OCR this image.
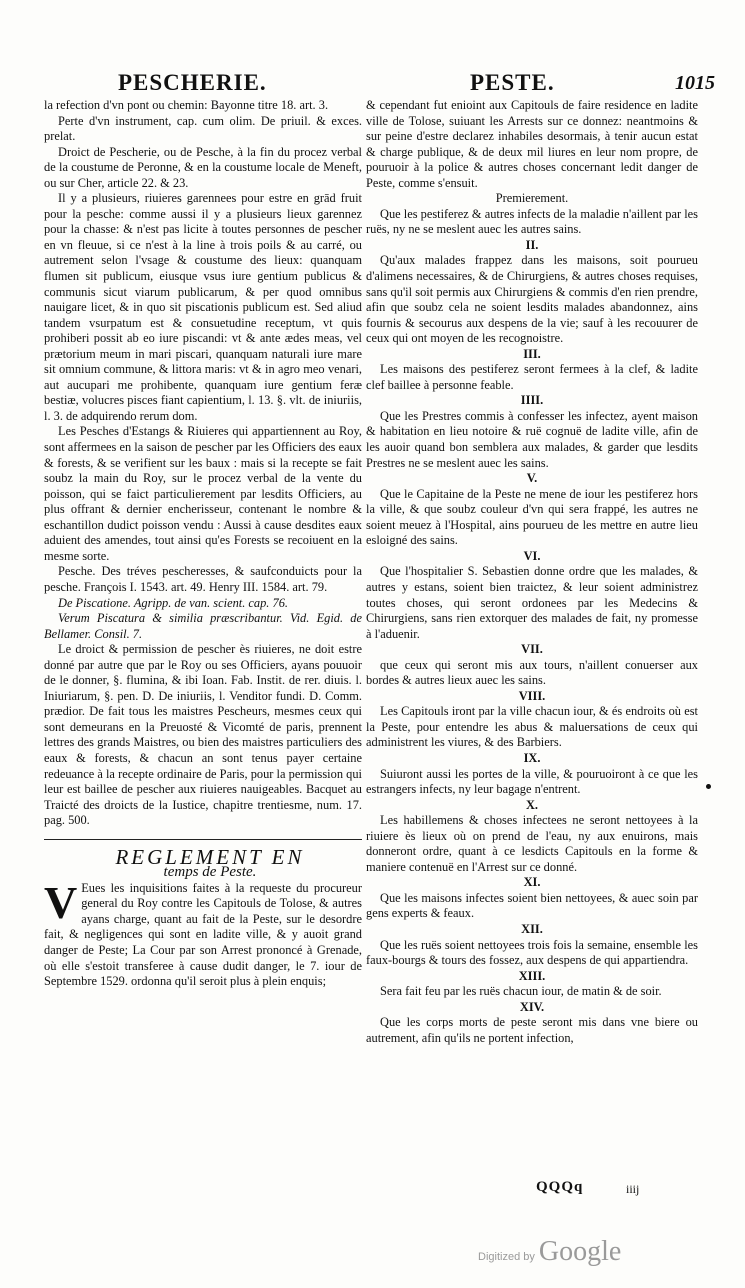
PESCHERIE.	PESTE.	1015

la refection d'vn pont ou chemin: Bayonne titre 18. art. 3.

Perte d'vn instrument, cap. cum olim. De priuil. & exces. prelat.

Droict de Pescherie, ou de Pesche, à la fin du procez verbal de la coustume de Peronne, & en la coustume locale de Meneft, ou sur Cher, article 22. & 23.

Il y a plusieurs, riuieres garennees pour estre en grād fruit pour la pesche: comme aussi il y a plusieurs lieux garennez pour la chasse: & n'est pas licite à toutes personnes de pescher en vn fleuue, si ce n'est à la line à trois poils & au carré, ou autrement selon l'vsage & coustume des lieux: quanquam flumen sit publicum, eiusque vsus iure gentium publicus & communis sicut viarum publicarum, & per quod omnibus nauigare licet, & in quo sit piscationis publicum est. Sed aliud tandem vsurpatum est & consuetudine receptum, vt quis prohiberi possit ab eo iure piscandi: vt & ante ædes meas, vel prætorium meum in mari piscari, quanquam naturali iure mare sit omnium commune, & littora maris: vt & in agro meo venari, aut aucupari me prohibente, quanquam iure gentium feræ bestiæ, volucres pisces fiant capientium, l. 13. §. vlt. de iniuriis, l. 3. de adquirendo rerum dom.

Les Pesches d'Estangs & Riuieres qui appartiennent au Roy, sont affermees en la saison de pescher par les Officiers des eaux & forests, & se verifient sur les baux : mais si la recepte se fait soubz la main du Roy, sur le procez verbal de la vente du poisson, qui se faict particulierement par lesdits Officiers, au plus offrant & dernier encherisseur, contenant le nombre & eschantillon dudict poisson vendu : Aussi à cause desdites eaux aduient des amendes, tout ainsi qu'es Forests se recoiuent en la mesme sorte.

Pesche. Des tréves pescheresses, & saufconduicts pour la pesche. François I. 1543. art. 49. Henry III. 1584. art. 79.

De Piscatione. Agripp. de van. scient. cap. 76.

Verum Piscatura & similia præscribantur. Vid. Egid. de Bellamer. Consil. 7.

Le droict & permission de pescher ès riuieres, ne doit estre donné par autre que par le Roy ou ses Officiers, ayans pouuoir de le donner, §. flumina, & ibi Ioan. Fab. Instit. de rer. diuis. l. Iniuriarum, §. pen. D. De iniuriis, l. Venditor fundi. D. Comm. prædior. De fait tous les maistres Pescheurs, mesmes ceux qui sont demeurans en la Preuosté & Vicomté de paris, prennent lettres des grands Maistres, ou bien des maistres particuliers des eaux & forests, & chacun an sont tenus payer certaine redeuance à la recepte ordinaire de Paris, pour la permission qui leur est baillee de pescher aux riuieres nauigeables. Bacquet au Traicté des droicts de la Iustice, chapitre trentiesme, num. 17. pag. 500.

REGLEMENT EN

temps de Peste.

V Eues les inquisitions faites à la requeste du procureur general du Roy contre les Capitouls de Tolose, & autres ayans charge, quant au fait de la Peste, sur le desordre fait, & negligences qui sont en ladite ville, & y auoit grand danger de Peste; La Cour par son Arrest prononcé à Grenade, où elle s'estoit transferee à cause dudit danger, le 7. iour de Septembre 1529. ordonna qu'il seroit plus à plein enquis;

& cependant fut enioint aux Capitouls de faire residence en ladite ville de Tolose, suiuant les Arrests sur ce donnez: neantmoins & sur peine d'estre declarez inhabiles desormais, à tenir aucun estat & charge publique, & de deux mil liures en leur nom propre, de pouruoir à la police & autres choses concernant ledit danger de Peste, comme s'ensuit.

Premierement.

Que les pestiferez & autres infects de la maladie n'aillent par les ruës, ny ne se meslent auec les autres sains.

II.

Qu'aux malades frappez dans les maisons, soit pourueu d'alimens necessaires, & de Chirurgiens, & autres choses requises, sans qu'il soit permis aux Chirurgiens & commis d'en rien prendre, afin que soubz cela ne soient lesdits malades abandonnez, ains fournis & secourus aux despens de la vie; sauf à les recouurer de ceux qui ont moyen de les recognoistre.

III.

Les maisons des pestiferez seront fermees à la clef, & ladite clef baillee à personne feable.

IIII.

Que les Prestres commis à confesser les infectez, ayent maison & habitation en lieu notoire & ruë cognuë de ladite ville, afin de les auoir quand bon semblera aux malades, & garder que lesdits Prestres ne se meslent auec les sains.

V.

Que le Capitaine de la Peste ne mene de iour les pestiferez hors la ville, & que soubz couleur d'vn qui sera frappé, les autres ne soient meuez à l'Hospital, ains pourueu de les mettre en autre lieu esloigné des sains.

VI.

Que l'hospitalier S. Sebastien donne ordre que les malades, & autres y estans, soient bien traictez, & leur soient administrez toutes choses, qui seront ordonees par les Medecins & Chirurgiens, sans rien extorquer des malades de fait, ny promesse à l'aduenir.

VII.

que ceux qui seront mis aux tours, n'aillent conuerser aux bordes & autres lieux auec les sains.

VIII.

Les Capitouls iront par la ville chacun iour, & és endroits où est la Peste, pour entendre les abus & maluersations de ceux qui administrent les viures, & des Barbiers.

IX.

Suiuront aussi les portes de la ville, & pouruoiront à ce que les estrangers infects, ny leur bagage n'entrent.

X.

Les habillemens & choses infectees ne seront nettoyees à la riuiere ès lieux où on prend de l'eau, ny aux enuirons, mais donneront ordre, quant à ce lesdicts Capitouls en la forme & maniere contenuë en l'Arrest sur ce donné.

XI.

Que les maisons infectes soient bien nettoyees, & auec soin par gens experts & feaux.

XII.

Que les ruës soient nettoyees trois fois la semaine, ensemble les faux-bourgs & tours des fossez, aux despens de qui appartiendra.

XIII.

Sera fait feu par les ruës chacun iour, de matin & de soir.

XIV.

Que les corps morts de peste seront mis dans vne biere ou autrement, afin qu'ils ne portent infection,

QQQq	iiij
Digitized by Google
